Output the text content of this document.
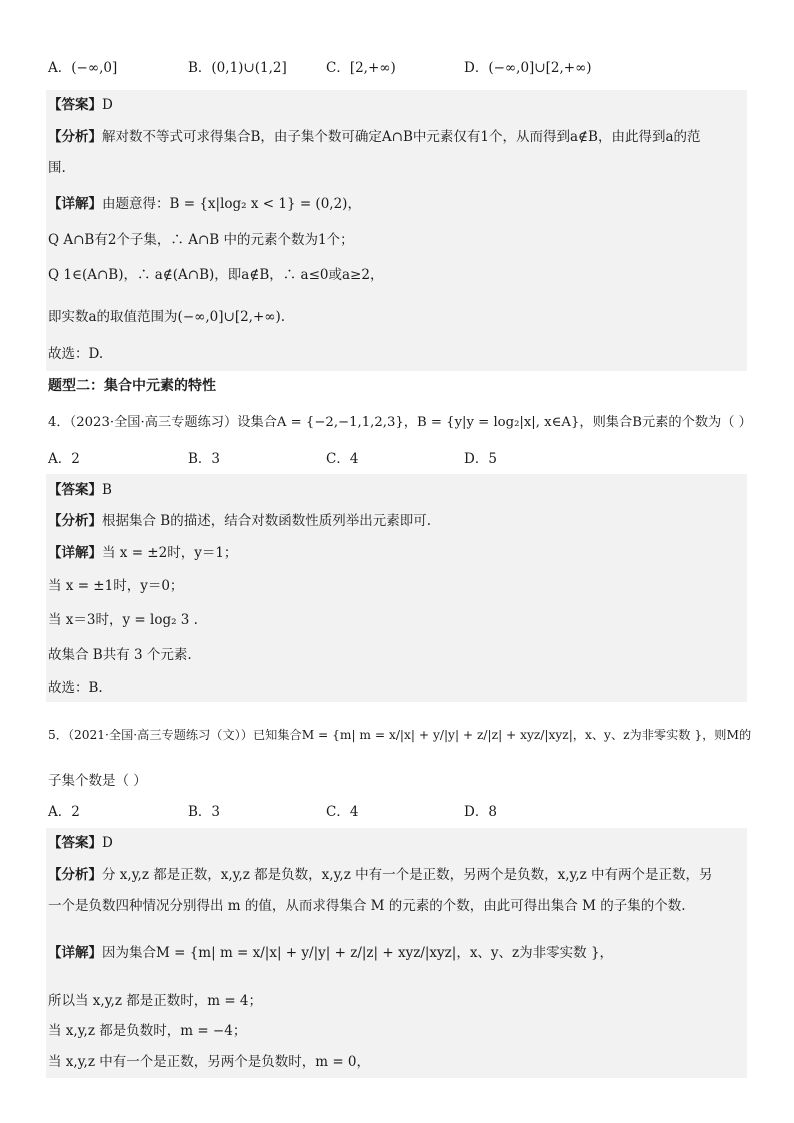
A．(−∞,0]	B．(0,1)∪(1,2]	C．[2,+∞)	D．(−∞,0]∪[2,+∞)
【答案】D
【分析】解对数不等式可求得集合B，由子集个数可确定A∩B中元素仅有1个，从而得到a∉B，由此得到a的范
围.
【详解】由题意得：B = {x|log₂ x < 1} = (0,2)，
Q A∩B有2个子集，∴ A∩B 中的元素个数为1个；
Q 1∈(A∩B)，∴ a∉(A∩B)，即a∉B，∴ a≤0或a≥2，
即实数a的取值范围为(−∞,0]∪[2,+∞).
故选：D.
题型二：集合中元素的特性
4．（2023·全国·高三专题练习）设集合A = {−2,−1,1,2,3}，B = {y|y = log₂|x|, x∈A}，则集合B元素的个数为（ ）
A．2	B．3	C．4	D．5
【答案】B
【分析】根据集合 B的描述，结合对数函数性质列举出元素即可.
【详解】当 x = ±2时，y＝1；
当 x = ±1时，y＝0；
当 x＝3时，y = log₂ 3 .
故集合 B共有 3 个元素.
故选：B.
5．（2021·全国·高三专题练习（文））已知集合M = {m| m = x/|x| + y/|y| + z/|z| + xyz/|xyz|，x、y、z为非零实数 }，则M的
子集个数是（ ）
A．2	B．3	C．4	D．8
【答案】D
【分析】分 x,y,z 都是正数，x,y,z 都是负数，x,y,z 中有一个是正数，另两个是负数，x,y,z 中有两个是正数，另
一个是负数四种情况分别得出 m 的值，从而求得集合 M 的元素的个数，由此可得出集合 M 的子集的个数.
【详解】因为集合M = {m| m = x/|x| + y/|y| + z/|z| + xyz/|xyz|，x、y、z为非零实数 }，
所以当 x,y,z 都是正数时，m = 4；
当 x,y,z 都是负数时，m = −4；
当 x,y,z 中有一个是正数，另两个是负数时，m = 0，
